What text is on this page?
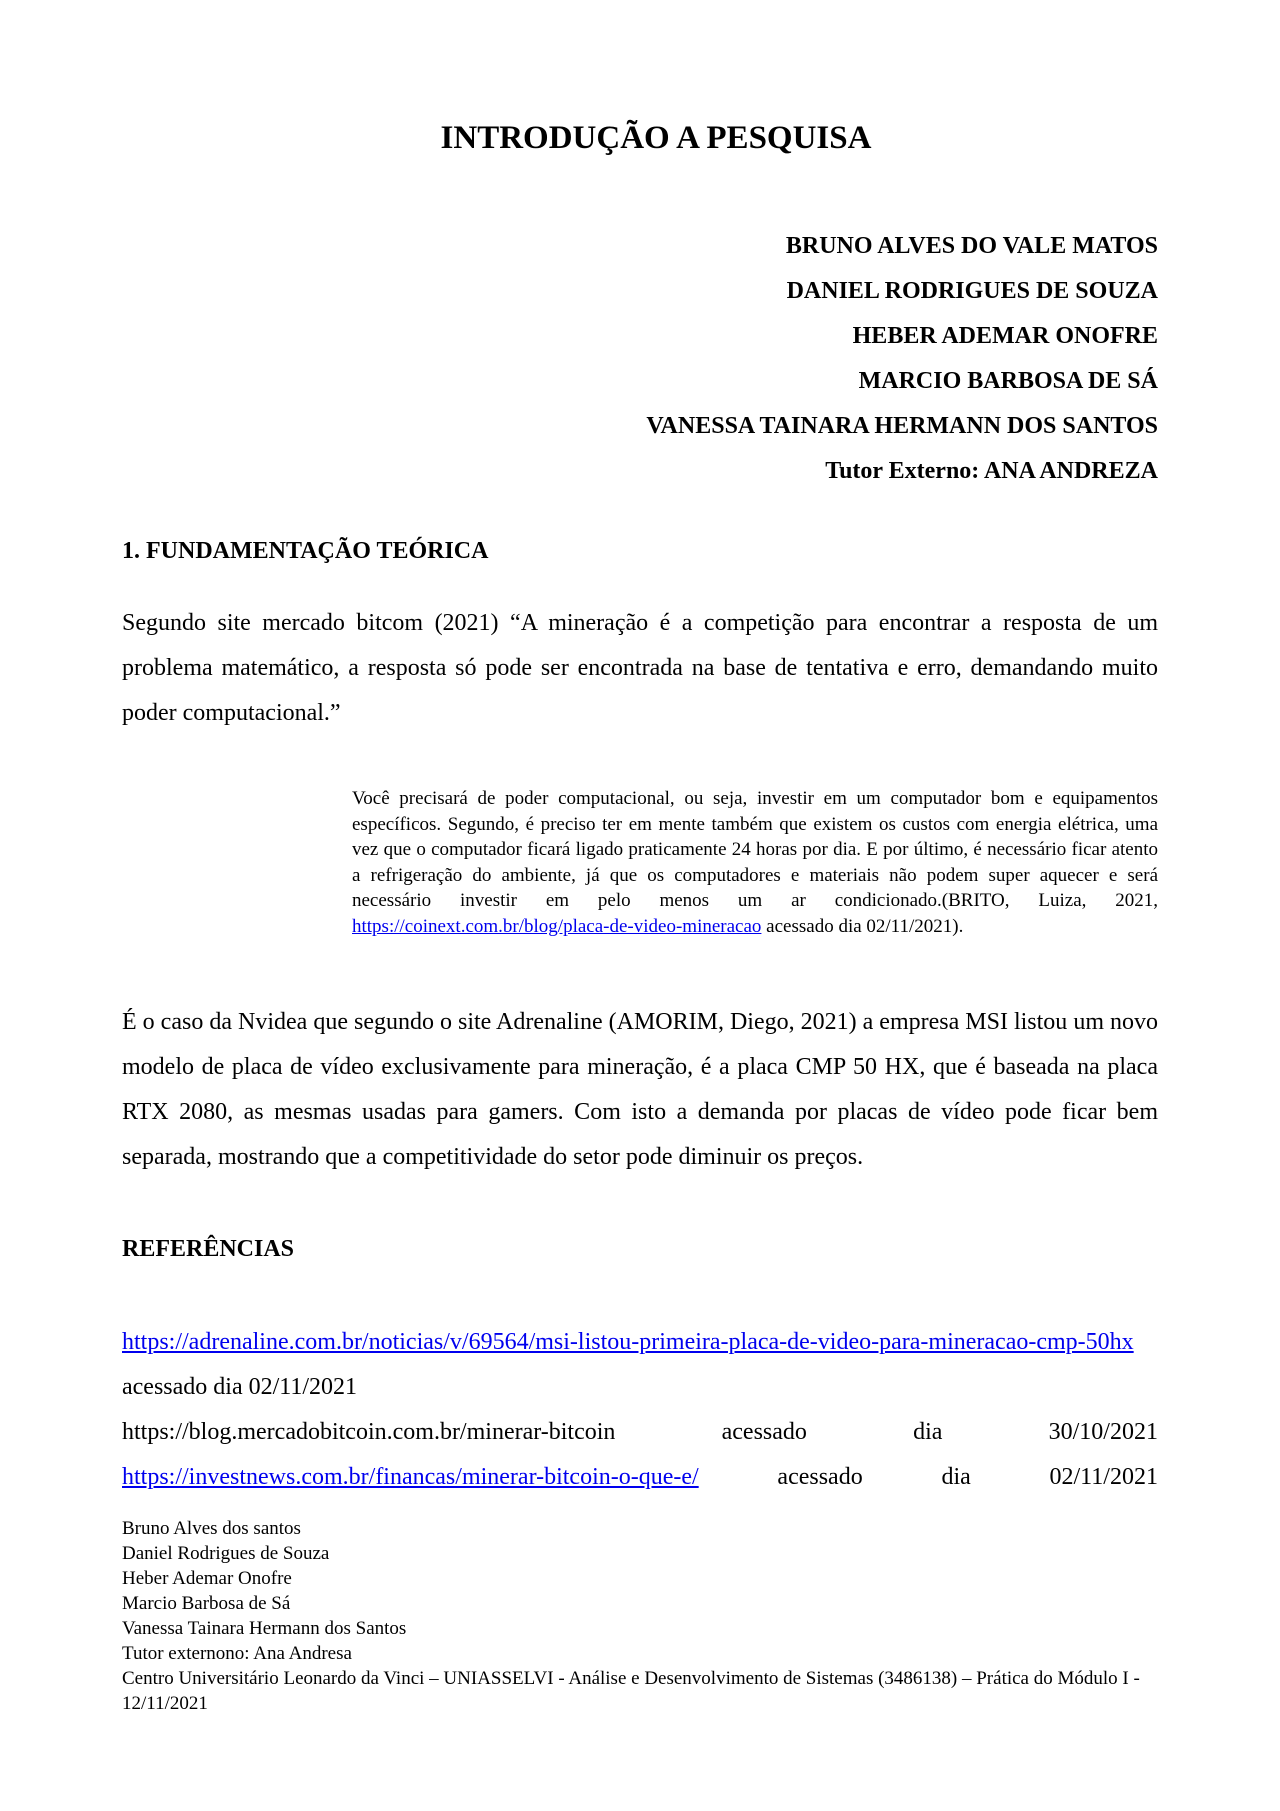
INTRODUÇÃO A PESQUISA
BRUNO ALVES DO VALE MATOS
DANIEL RODRIGUES DE SOUZA
HEBER ADEMAR ONOFRE
MARCIO BARBOSA DE SÁ
VANESSA TAINARA HERMANN DOS SANTOS
Tutor Externo: ANA ANDREZA
1. FUNDAMENTAÇÃO TEÓRICA

Segundo site mercado bitcom (2021) “A mineração é a competição para encontrar a resposta de um problema matemático, a resposta só pode ser encontrada na base de tentativa e erro, demandando muito poder computacional.”

Você precisará de poder computacional, ou seja, investir em um computador bom e equipamentos específicos. Segundo, é preciso ter em mente também que existem os custos com energia elétrica, uma vez que o computador ficará ligado praticamente 24 horas por dia. E por último, é necessário ficar atento a refrigeração do ambiente, já que os computadores e materiais não podem super aquecer e será necessário investir em pelo menos um ar condicionado.(BRITO, Luiza, 2021, https://coinext.com.br/blog/placa-de-video-mineracao acessado dia 02/11/2021).

É o caso da Nvidea que segundo o site Adrenaline (AMORIM, Diego, 2021) a empresa MSI listou um novo modelo de placa de vídeo exclusivamente para mineração, é a placa CMP 50 HX, que é baseada na placa RTX 2080, as mesmas usadas para gamers. Com isto a demanda por placas de vídeo pode ficar bem separada, mostrando que a competitividade do setor pode diminuir os preços.

REFERÊNCIAS

https://adrenaline.com.br/noticias/v/69564/msi-listou-primeira-placa-de-video-para-mineracao-cmp-50hx acessado dia 02/11/2021

https://blog.mercadobitcoin.com.br/minerar-bitcoin	acessado	dia	30/10/2021
https://investnews.com.br/financas/minerar-bitcoin-o-que-e/	acessado	dia	02/11/2021
Bruno Alves dos santos
Daniel Rodrigues de Souza
Heber Ademar Onofre
Marcio Barbosa de Sá
Vanessa Tainara Hermann dos Santos
Tutor externono: Ana Andresa
Centro Universitário Leonardo da Vinci – UNIASSELVI - Análise e Desenvolvimento de Sistemas (3486138) – Prática do Módulo I - 12/11/2021
